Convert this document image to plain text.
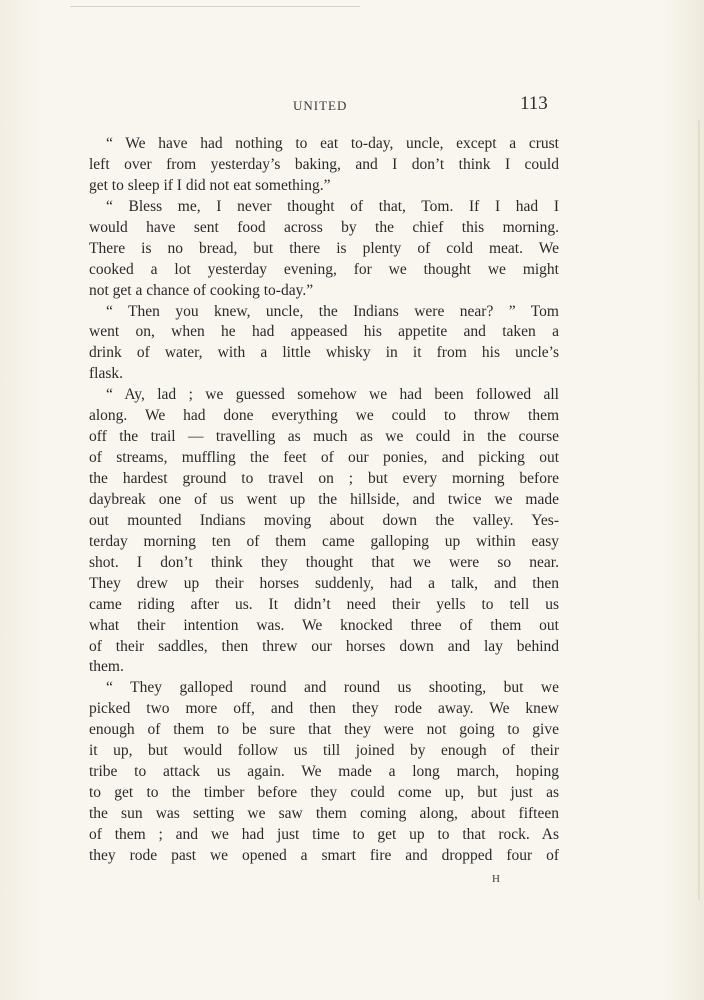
UNITED	113
“ We have had nothing to eat to-day, uncle, except a crust
left over from yesterday’s baking, and I don’t think I could
get to sleep if I did not eat something.”
“ Bless me, I never thought of that, Tom. If I had I
would have sent food across by the chief this morning.
There is no bread, but there is plenty of cold meat. We
cooked a lot yesterday evening, for we thought we might
not get a chance of cooking to-day.”
“ Then you knew, uncle, the Indians were near? ” Tom
went on, when he had appeased his appetite and taken a
drink of water, with a little whisky in it from his uncle’s
flask.
“ Ay, lad ; we guessed somehow we had been followed all
along. We had done everything we could to throw them
off the trail — travelling as much as we could in the course
of streams, muffling the feet of our ponies, and picking out
the hardest ground to travel on ; but every morning before
daybreak one of us went up the hillside, and twice we made
out mounted Indians moving about down the valley. Yes-
terday morning ten of them came galloping up within easy
shot. I don’t think they thought that we were so near.
They drew up their horses suddenly, had a talk, and then
came riding after us. It didn’t need their yells to tell us
what their intention was. We knocked three of them out
of their saddles, then threw our horses down and lay behind
them.
“ They galloped round and round us shooting, but we
picked two more off, and then they rode away. We knew
enough of them to be sure that they were not going to give
it up, but would follow us till joined by enough of their
tribe to attack us again. We made a long march, hoping
to get to the timber before they could come up, but just as
the sun was setting we saw them coming along, about fifteen
of them ; and we had just time to get up to that rock. As
they rode past we opened a smart fire and dropped four of
H
